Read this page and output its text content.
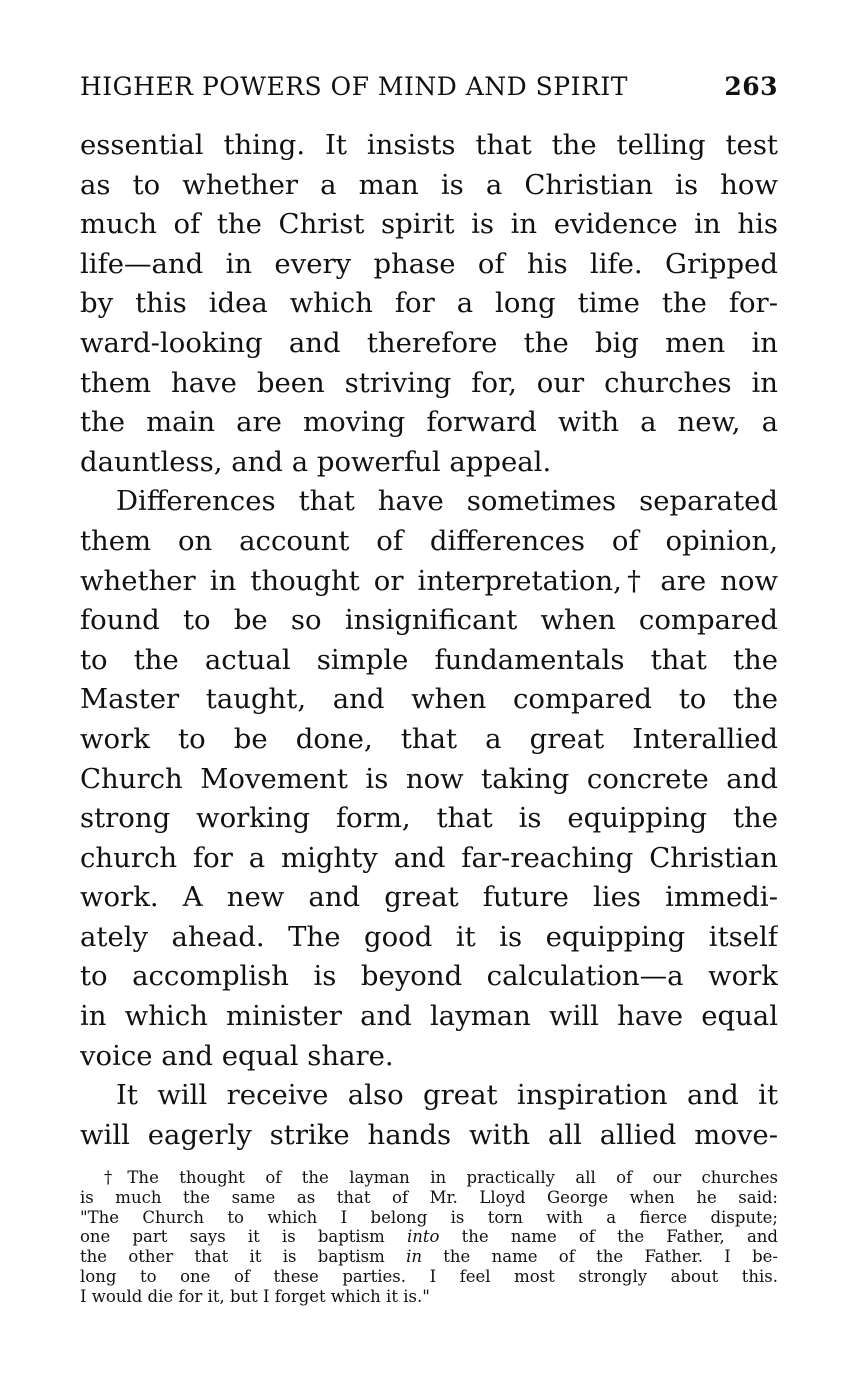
HIGHER POWERS OF MIND AND SPIRIT	263
essential thing. It insists that the telling test
as to whether a man is a Christian is how
much of the Christ spirit is in evidence in his
life—and in every phase of his life. Gripped
by this idea which for a long time the for-
ward-looking and therefore the big men in
them have been striving for, our churches in
the main are moving forward with a new, a
dauntless, and a powerful appeal.
Differences that have sometimes separated
them on account of differences of opinion,
whether in thought or interpretation,† are now
found to be so insignificant when compared
to the actual simple fundamentals that the
Master taught, and when compared to the
work to be done, that a great Interallied
Church Movement is now taking concrete and
strong working form, that is equipping the
church for a mighty and far-reaching Christian
work. A new and great future lies immedi-
ately ahead. The good it is equipping itself
to accomplish is beyond calculation—a work
in which minister and layman will have equal
voice and equal share.
It will receive also great inspiration and it
will eagerly strike hands with all allied move-
†The thought of the layman in practically all of our churches
is much the same as that of Mr. Lloyd George when he said:
"The Church to which I belong is torn with a fierce dispute;
one part says it is baptism into the name of the Father, and
the other that it is baptism in the name of the Father. I be-
long to one of these parties. I feel most strongly about this.
I would die for it, but I forget which it is."
